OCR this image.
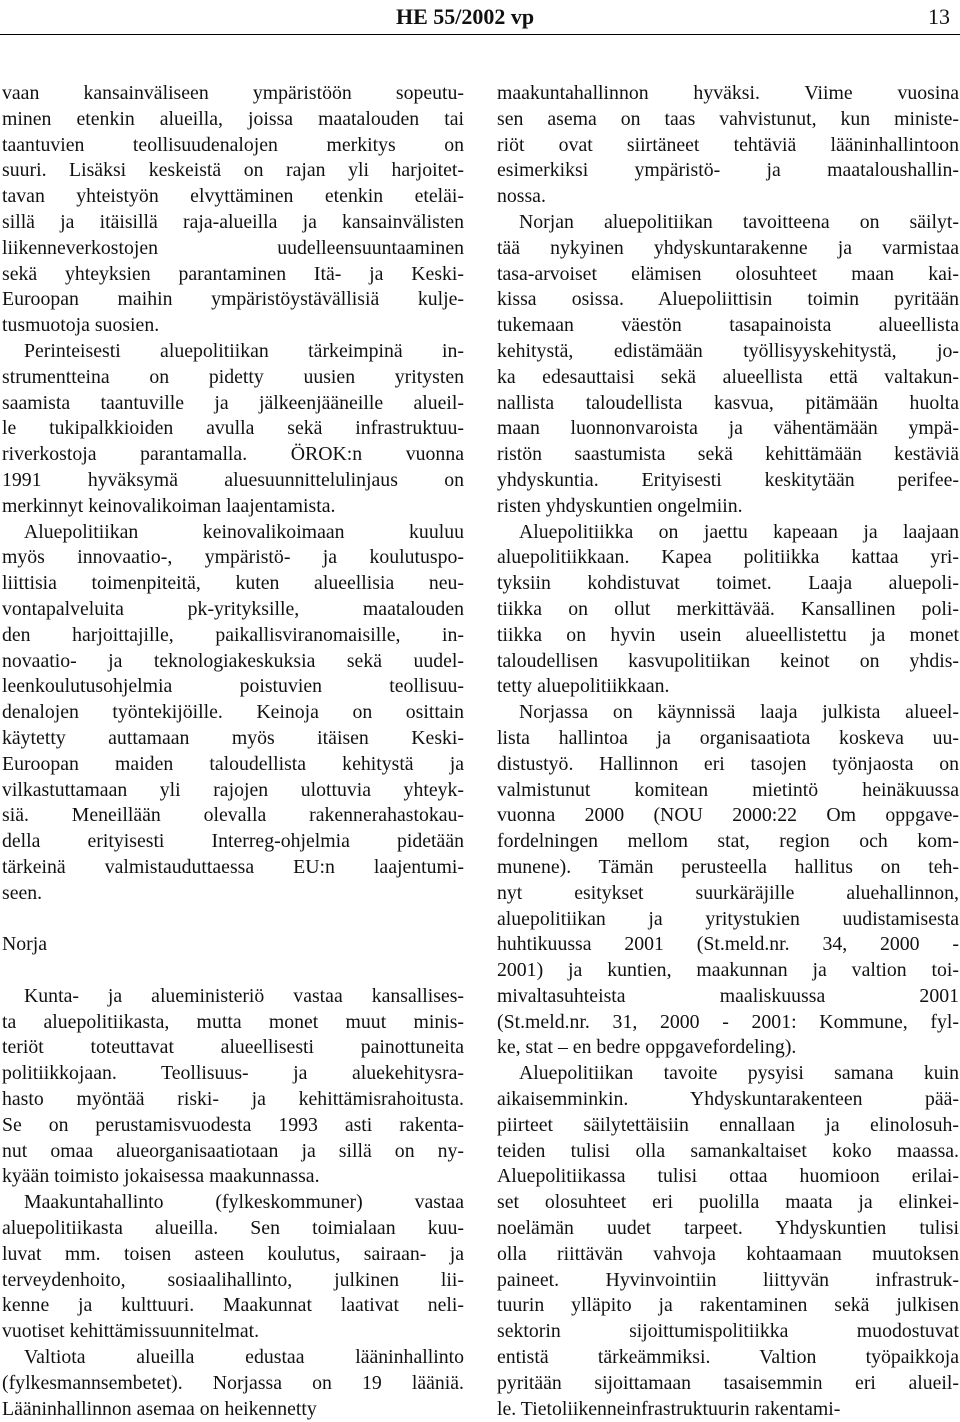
HE 55/2002 vp	13
vaan kansainväliseen ympäristöön sopeutu-
minen etenkin alueilla, joissa maatalouden tai
taantuvien teollisuudenalojen merkitys on
suuri. Lisäksi keskeistä on rajan yli harjoitet-
tavan yhteistyön elvyttäminen etenkin eteläi-
sillä ja itäisillä raja-alueilla ja kansainvälisten
liikenneverkostojen uudelleensuuntaaminen
sekä yhteyksien parantaminen Itä- ja Keski-
Euroopan maihin ympäristöystävällisiä kulje-
tusmuotoja suosien.
Perinteisesti aluepolitiikan tärkeimpinä in-
strumentteina on pidetty uusien yritysten
saamista taantuville ja jälkeenjääneille alueil-
le tukipalkkioiden avulla sekä infrastruktuu-
riverkostoja parantamalla. ÖROK:n vuonna
1991 hyväksymä aluesuunnittelulinjaus on
merkinnyt keinovalikoiman laajentamista.
Aluepolitiikan keinovalikoimaan kuuluu
myös innovaatio-, ympäristö- ja koulutuspo-
liittisia toimenpiteitä, kuten alueellisia neu-
vontapalveluita pk-yrityksille, maatalouden
den harjoittajille, paikallisviranomaisille, in-
novaatio- ja teknologiakeskuksia sekä uudel-
leenkoulutusohjelmia poistuvien teollisuu-
denalojen työntekijöille. Keinoja on osittain
käytetty auttamaan myös itäisen Keski-
Euroopan maiden taloudellista kehitystä ja
vilkastuttamaan yli rajojen ulottuvia yhteyk-
siä. Meneillään olevalla rakennerahastokau-
della erityisesti Interreg-ohjelmia pidetään
tärkeinä valmistauduttaessa EU:n laajentumi-
seen.
Norja
Kunta- ja alueministeriö vastaa kansallises-
ta aluepolitiikasta, mutta monet muut minis-
teriöt toteuttavat alueellisesti painottuneita
politiikkojaan. Teollisuus- ja aluekehitysra-
hasto myöntää riski- ja kehittämisrahoitusta.
Se on perustamisvuodesta 1993 asti rakenta-
nut omaa alueorganisaatiotaan ja sillä on ny-
kyään toimisto jokaisessa maakunnassa.
Maakuntahallinto (fylkeskommuner) vastaa
aluepolitiikasta alueilla. Sen toimialaan kuu-
luvat mm. toisen asteen koulutus, sairaan- ja
terveydenhoito, sosiaalihallinto, julkinen lii-
kenne ja kulttuuri. Maakunnat laativat neli-
vuotiset kehittämissuunnitelmat.
Valtiota alueilla edustaa lääninhallinto
(fylkesmannsembetet). Norjassa on 19 lääniä.
Lääninhallinnon asemaa on heikennetty
maakuntahallinnon hyväksi. Viime vuosina
sen asema on taas vahvistunut, kun ministe-
riöt ovat siirtäneet tehtäviä lääninhallintoon
esimerkiksi ympäristö- ja maataloushallin-
nossa.
Norjan aluepolitiikan tavoitteena on säilyt-
tää nykyinen yhdyskuntarakenne ja varmistaa
tasa-arvoiset elämisen olosuhteet maan kai-
kissa osissa. Aluepoliittisin toimin pyritään
tukemaan väestön tasapainoista alueellista
kehitystä, edistämään työllisyyskehitystä, jo-
ka edesauttaisi sekä alueellista että valtakun-
nallista taloudellista kasvua, pitämään huolta
maan luonnonvaroista ja vähentämään ympä-
ristön saastumista sekä kehittämään kestäviä
yhdyskuntia. Erityisesti keskitytään perifee-
risten yhdyskuntien ongelmiin.
Aluepolitiikka on jaettu kapeaan ja laajaan
aluepolitiikkaan. Kapea politiikka kattaa yri-
tyksiin kohdistuvat toimet. Laaja aluepoli-
tiikka on ollut merkittävää. Kansallinen poli-
tiikka on hyvin usein alueellistettu ja monet
taloudellisen kasvupolitiikan keinot on yhdis-
tetty aluepolitiikkaan.
Norjassa on käynnissä laaja julkista alueel-
lista hallintoa ja organisaatiota koskeva uu-
distustyö. Hallinnon eri tasojen työnjaosta on
valmistunut komitean mietintö heinäkuussa
vuonna 2000 (NOU 2000:22 Om oppgave-
fordelningen mellom stat, region och kom-
munene). Tämän perusteella hallitus on teh-
nyt esitykset suurkäräjille aluehallinnon,
aluepolitiikan ja yritystukien uudistamisesta
huhtikuussa 2001 (St.meld.nr. 34, 2000 -
2001) ja kuntien, maakunnan ja valtion toi-
mivaltasuhteista maaliskuussa 2001
(St.meld.nr. 31, 2000 - 2001: Kommune, fyl-
ke, stat – en bedre oppgavefordeling).
Aluepolitiikan tavoite pysyisi samana kuin
aikaisemminkin. Yhdyskuntarakenteen pää-
piirteet säilytettäisiin ennallaan ja elinolosuh-
teiden tulisi olla samankaltaiset koko maassa.
Aluepolitiikassa tulisi ottaa huomioon erilai-
set olosuhteet eri puolilla maata ja elinkei-
noelämän uudet tarpeet. Yhdyskuntien tulisi
olla riittävän vahvoja kohtaamaan muutoksen
paineet. Hyvinvointiin liittyvän infrastruk-
tuurin ylläpito ja rakentaminen sekä julkisen
sektorin sijoittumispolitiikka muodostuvat
entistä tärkeämmiksi. Valtion työpaikkoja
pyritään sijoittamaan tasaisemmin eri alueil-
le. Tietoliikenneinfrastruktuurin rakentami-
